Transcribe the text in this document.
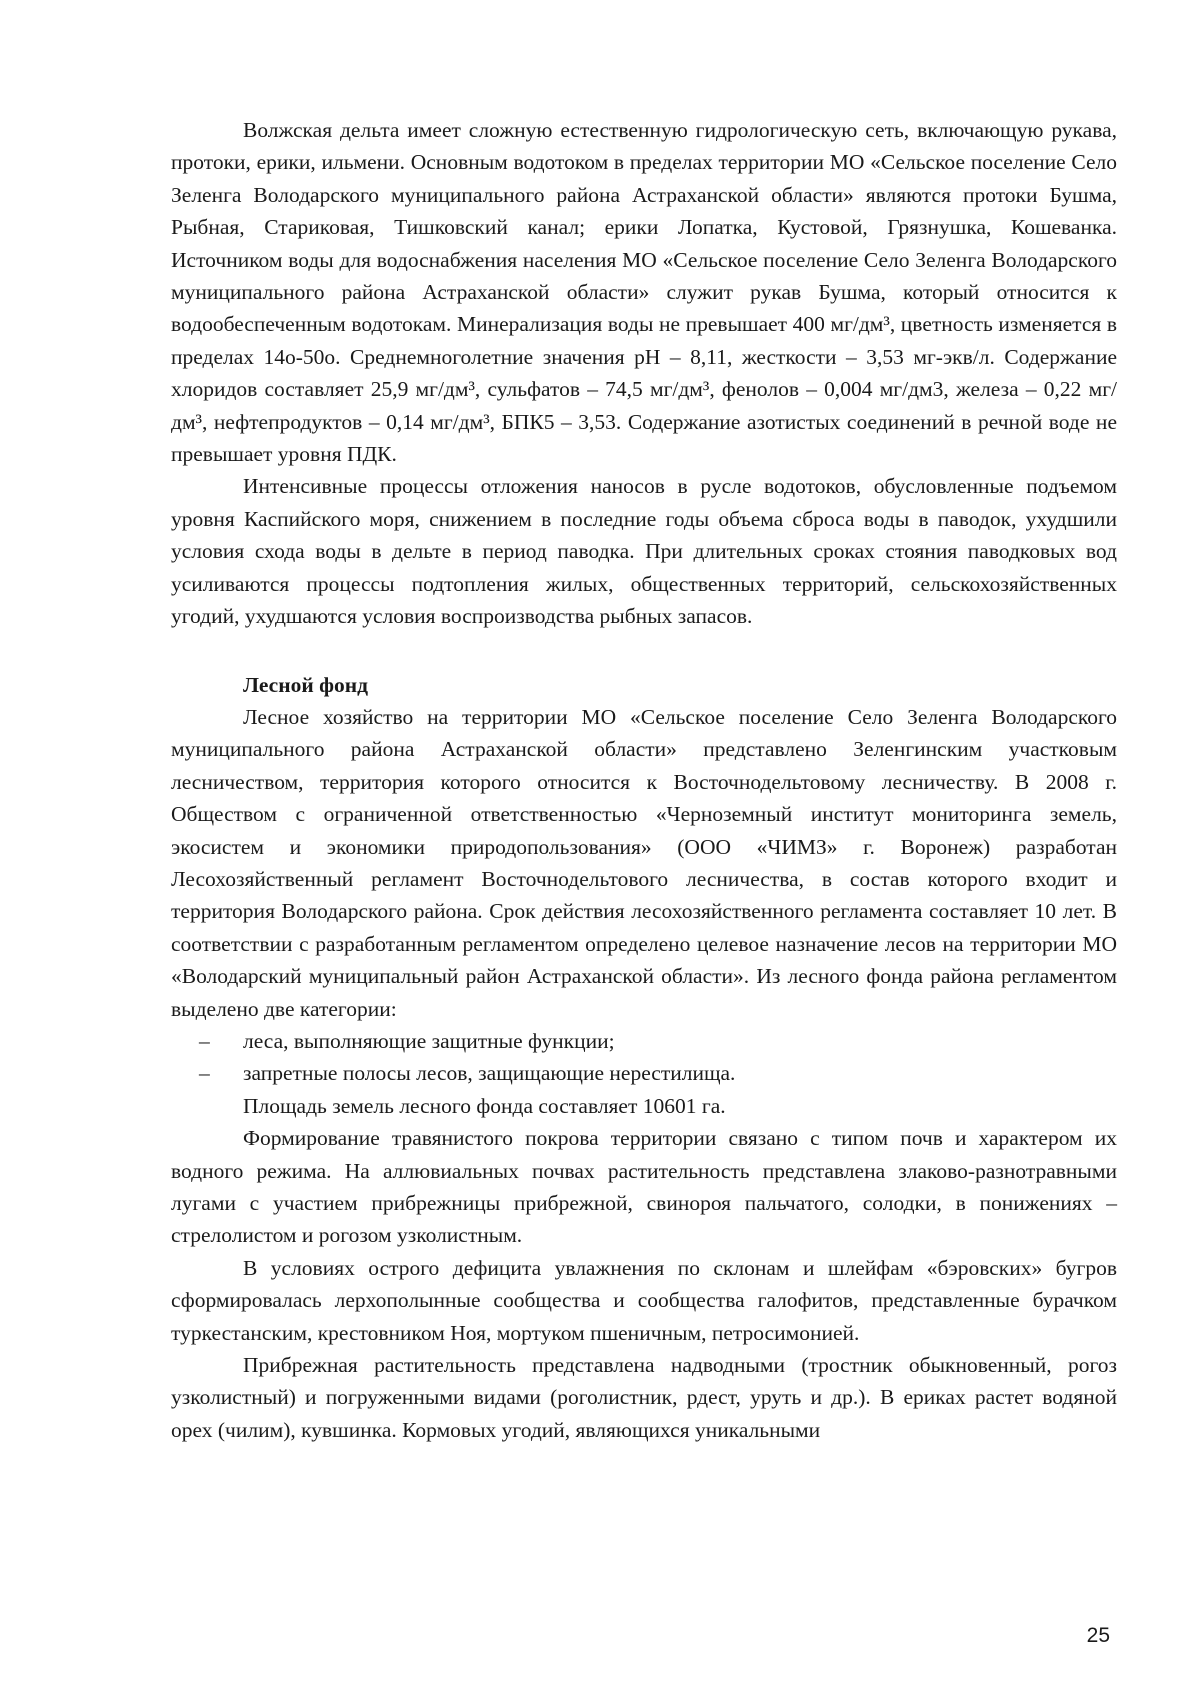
Волжская дельта имеет сложную естественную гидрологическую сеть, включающую рукава, протоки, ерики, ильмени. Основным водотоком в пределах территории МО «Сельское поселение Село Зеленга Володарского муниципального района Астраханской области» являются протоки Бушма, Рыбная, Стариковая, Тишковский канал; ерики Лопатка, Кустовой, Грязнушка, Кошеванка. Источником воды для водоснабжения населения МО «Сельское поселение Село Зеленга Володарского муниципального района Астраханской области» служит рукав Бушма, который относится к водообеспеченным водотокам. Минерализация воды не превышает 400 мг/дм³, цветность изменяется в пределах 14о-50о. Среднемноголетние значения pH – 8,11, жесткости – 3,53 мг-экв/л. Содержание хлоридов составляет 25,9 мг/дм³, сульфатов – 74,5 мг/дм³, фенолов – 0,004 мг/дм3, железа – 0,22 мг/дм³, нефтепродуктов – 0,14 мг/дм³, БПК5 – 3,53. Содержание азотистых соединений в речной воде не превышает уровня ПДК.

Интенсивные процессы отложения наносов в русле водотоков, обусловленные подъемом уровня Каспийского моря, снижением в последние годы объема сброса воды в паводок, ухудшили условия схода воды в дельте в период паводка. При длительных сроках стояния паводковых вод усиливаются процессы подтопления жилых, общественных территорий, сельскохозяйственных угодий, ухудшаются условия воспроизводства рыбных запасов.

Лесной фонд

Лесное хозяйство на территории МО «Сельское поселение Село Зеленга Володарского муниципального района Астраханской области» представлено Зеленгинским участковым лесничеством, территория которого относится к Восточнодельтовому лесничеству. В 2008 г. Обществом с ограниченной ответственностью «Черноземный институт мониторинга земель, экосистем и экономики природопользования» (ООО «ЧИМЗ» г. Воронеж) разработан Лесохозяйственный регламент Восточнодельтового лесничества, в состав которого входит и территория Володарского района. Срок действия лесохозяйственного регламента составляет 10 лет. В соответствии с разработанным регламентом определено целевое назначение лесов на территории МО «Володарский муниципальный район Астраханской области». Из лесного фонда района регламентом выделено две категории:

– леса, выполняющие защитные функции;
– запретные полосы лесов, защищающие нерестилища.

Площадь земель лесного фонда составляет 10601 га.

Формирование травянистого покрова территории связано с типом почв и характером их водного режима. На аллювиальных почвах растительность представлена злаково-разнотравными лугами с участием прибрежницы прибрежной, свинороя пальчатого, солодки, в понижениях – стрелолистом и рогозом узколистным.

В условиях острого дефицита увлажнения по склонам и шлейфам «бэровских» бугров сформировалась лерхополынные сообщества и сообщества галофитов, представленные бурачком туркестанским, крестовником Ноя, мортуком пшеничным, петросимонией.

Прибрежная растительность представлена надводными (тростник обыкновенный, рогоз узколистный) и погруженными видами (роголистник, рдест, уруть и др.). В ериках растет водяной орех (чилим), кувшинка. Кормовых угодий, являющихся уникальными

25
